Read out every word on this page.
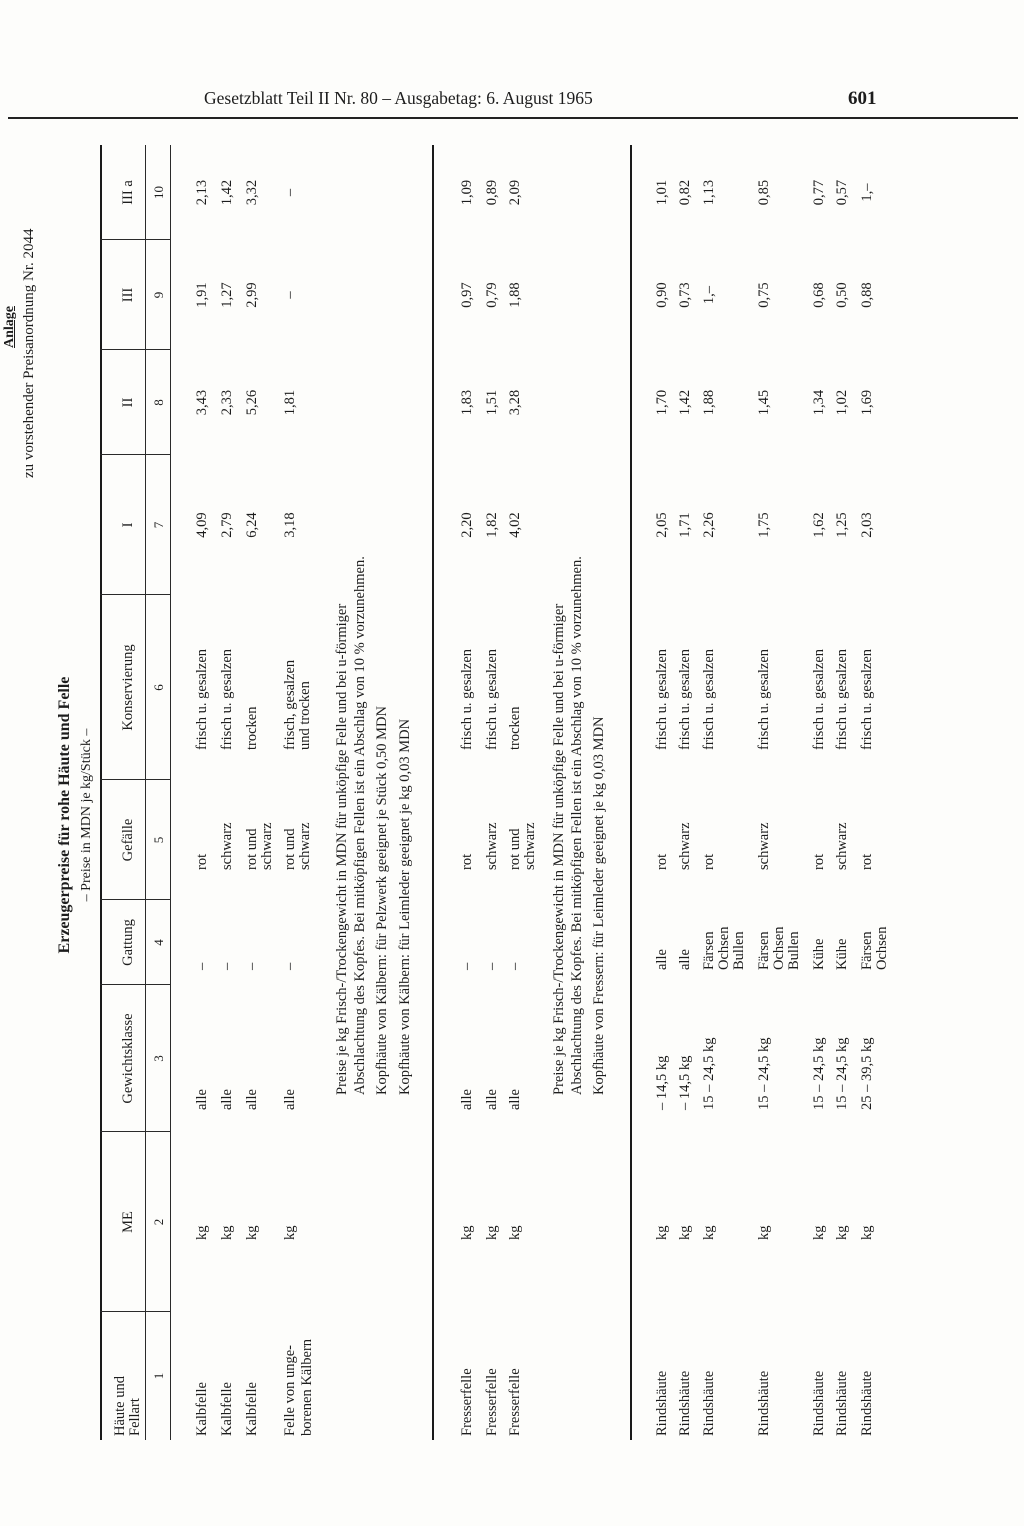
Gesetzblatt Teil II Nr. 80 – Ausgabetag: 6. August 1965	601
Anlage zu vorstehender Preisanordnung Nr. 2044
Erzeugerpreise für rohe Häute und Felle – Preise in MDN je kg/Stück –
Häute und Fellart
ME
Gewichtsklasse
Gattung
Gefälle
Konservierung
I
II
III
III a
1
2
3
4
5
6
7
8
9
10
Preise je kg Frisch-/Trockengewicht in MDN für unköpfige Felle und bei u-förmiger Abschlachtung des Kopfes. Bei mitköpfigen Fellen ist ein Abschlag von 10 % vorzunehmen. Kopfhäute von Kälbern: für Pelzwerk geeignet je Stück 0,50 MDN Kopfhäute von Kälbern: für Leimleder geeignet je kg 0,03 MDN	Preise je kg Frisch-/Trockengewicht in MDN für unköpfige Felle und bei u-förmiger Abschlachtung des Kopfes. Bei mitköpfigen Fellen ist ein Abschlag von 10 % vorzunehmen. Kopfhäute von Fressern: für Leimleder geeignet je kg 0,03 MDN
Kalbfelle
kg
alle
–
rot
frisch u. gesalzen
4,09
3,43
1,91
2,13
Kalbfelle
kg
alle
–
schwarz
frisch u. gesalzen
2,79
2,33
1,27
1,42
Kalbfelle
kg
alle
–
rot und
trocken
6,24
5,26
2,99
3,32
schwarz
Felle von unge-
kg
alle
–
rot und
frisch, gesalzen
3,18
1,81
–
–
borenen Kälbern
schwarz
und trocken
Fresserfelle
kg
alle
–
rot
frisch u. gesalzen
2,20
1,83
0,97
1,09
Fresserfelle
kg
alle
–
schwarz
frisch u. gesalzen
1,82
1,51
0,79
0,89
Fresserfelle
kg
alle
–
rot und
trocken
4,02
3,28
1,88
2,09
schwarz
Rindshäute
kg
– 14,5 kg
alle
rot
frisch u. gesalzen
2,05
1,70
0,90
1,01
Rindshäute
kg
– 14,5 kg
alle
schwarz
frisch u. gesalzen
1,71
1,42
0,73
0,82
Rindshäute
kg
15 – 24,5 kg
Färsen
rot
frisch u. gesalzen
2,26
1,88
1,–
1,13
Ochsen Bullen
Rindshäute
kg
15 – 24,5 kg
Färsen
schwarz
frisch u. gesalzen
1,75
1,45
0,75
0,85
Ochsen Bullen
Rindshäute
kg
15 – 24,5 kg
Kühe
rot
frisch u. gesalzen
1,62
1,34
0,68
0,77
Rindshäute
kg
15 – 24,5 kg
Kühe
schwarz
frisch u. gesalzen
1,25
1,02
0,50
0,57
Rindshäute
kg
25 – 39,5 kg
Färsen
rot
frisch u. gesalzen
2,03
1,69
0,88
1,–
Ochsen
